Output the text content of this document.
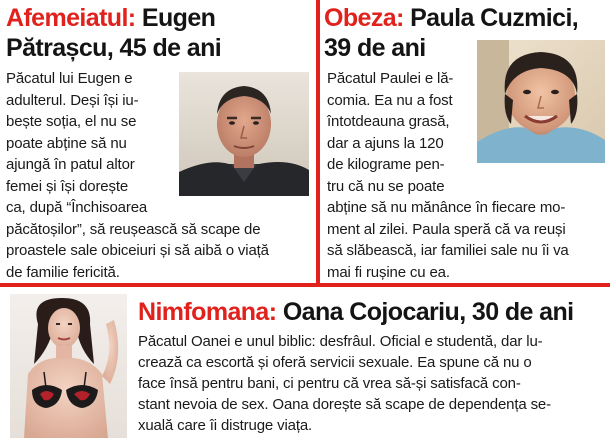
Afemeiatul: Eugen
Pătrașcu, 45 de ani
Păcatul lui Eugen e
adulterul. Deși își iu-
bește soția, el nu se
poate abține să nu
ajungă în patul altor
femei și își dorește
ca, după “Închisoarea
păcătoșilor”, să reușească să scape de
proastele sale obiceiuri și să aibă o viață
de familie fericită.
Obeza: Paula Cuzmici,
39 de ani
Păcatul Paulei e lă-
comia. Ea nu a fost
întotdeauna grasă,
dar a ajuns la 120
de kilograme pen-
tru că nu se poate
abține să nu mănânce în fiecare mo-
ment al zilei. Paula speră că va reuși
să slăbească, iar familiei sale nu îi va
mai fi rușine cu ea.
Nimfomana: Oana Cojocariu, 30 de ani
Păcatul Oanei e unul biblic: desfrâul. Oficial e studentă, dar lu-
crează ca escortă și oferă servicii sexuale. Ea spune că nu o
face însă pentru bani, ci pentru că vrea să-și satisfacă con-
stant nevoia de sex. Oana dorește să scape de dependența se-
xuală care îi distruge viața.
